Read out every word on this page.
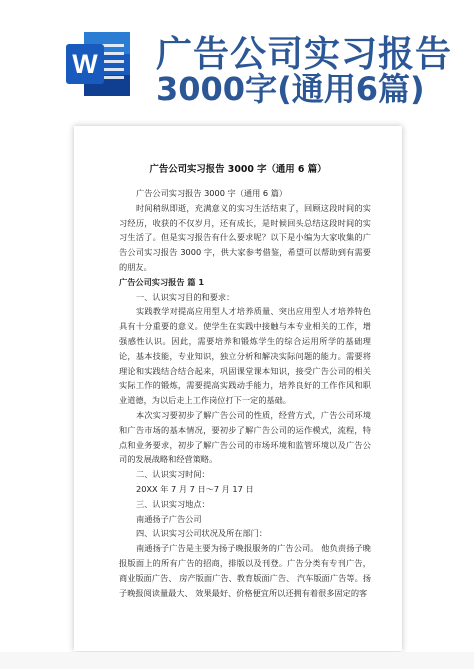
W 广告公司实习报告
3000字(通用6篇)
广告公司实习报告 3000 字（通用 6 篇）

广告公司实习报告 3000 字（通用 6 篇）

时间稍纵即逝，充满意义的实习生活结束了，回顾这段时间的实习经历，收获的不仅岁月，还有成长，是时候回头总结这段时间的实习生活了。但是实习报告有什么要求呢？以下是小编为大家收集的广告公司实习报告 3000 字，供大家参考借鉴，希望可以帮助到有需要的朋友。

广告公司实习报告 篇 1

一、认识实习目的和要求：

实践教学对提高应用型人才培养质量、突出应用型人才培养特色具有十分重要的意义。使学生在实践中接触与本专业相关的工作，增强感性认识。因此，需要培养和锻炼学生的综合运用所学的基础理论，基本技能，专业知识，独立分析和解决实际问题的能力。需要将理论和实践结合结合起来，巩固课堂课本知识，接受广告公司的相关实际工作的锻炼，需要提高实践动手能力，培养良好的工作作风和职业道德，为以后走上工作岗位打下一定的基础。

本次实习要初步了解广告公司的性质，经营方式，广告公司环境和广告市场的基本情况，要初步了解广告公司的运作模式，流程，特点和业务要求，初步了解广告公司的市场环境和监管环境以及广告公司的发展战略和经营策略。

二、认识实习时间：

20XX 年 7 月 7 日～7 月 17 日

三、认识实习地点：

南通扬子广告公司

四、认识实习公司状况及所在部门：

南通扬子广告是主要为扬子晚报服务的广告公司。 他负责扬子晚报版面上的所有广告的招商，排版以及刊登。广告分类有专刊广告，商业版面广告、 房产版面广告、教育版面广告、 汽车版面广告等。扬子晚报阅读量最大、 效果最好、价格便宜所以还拥有着很多固定的客
